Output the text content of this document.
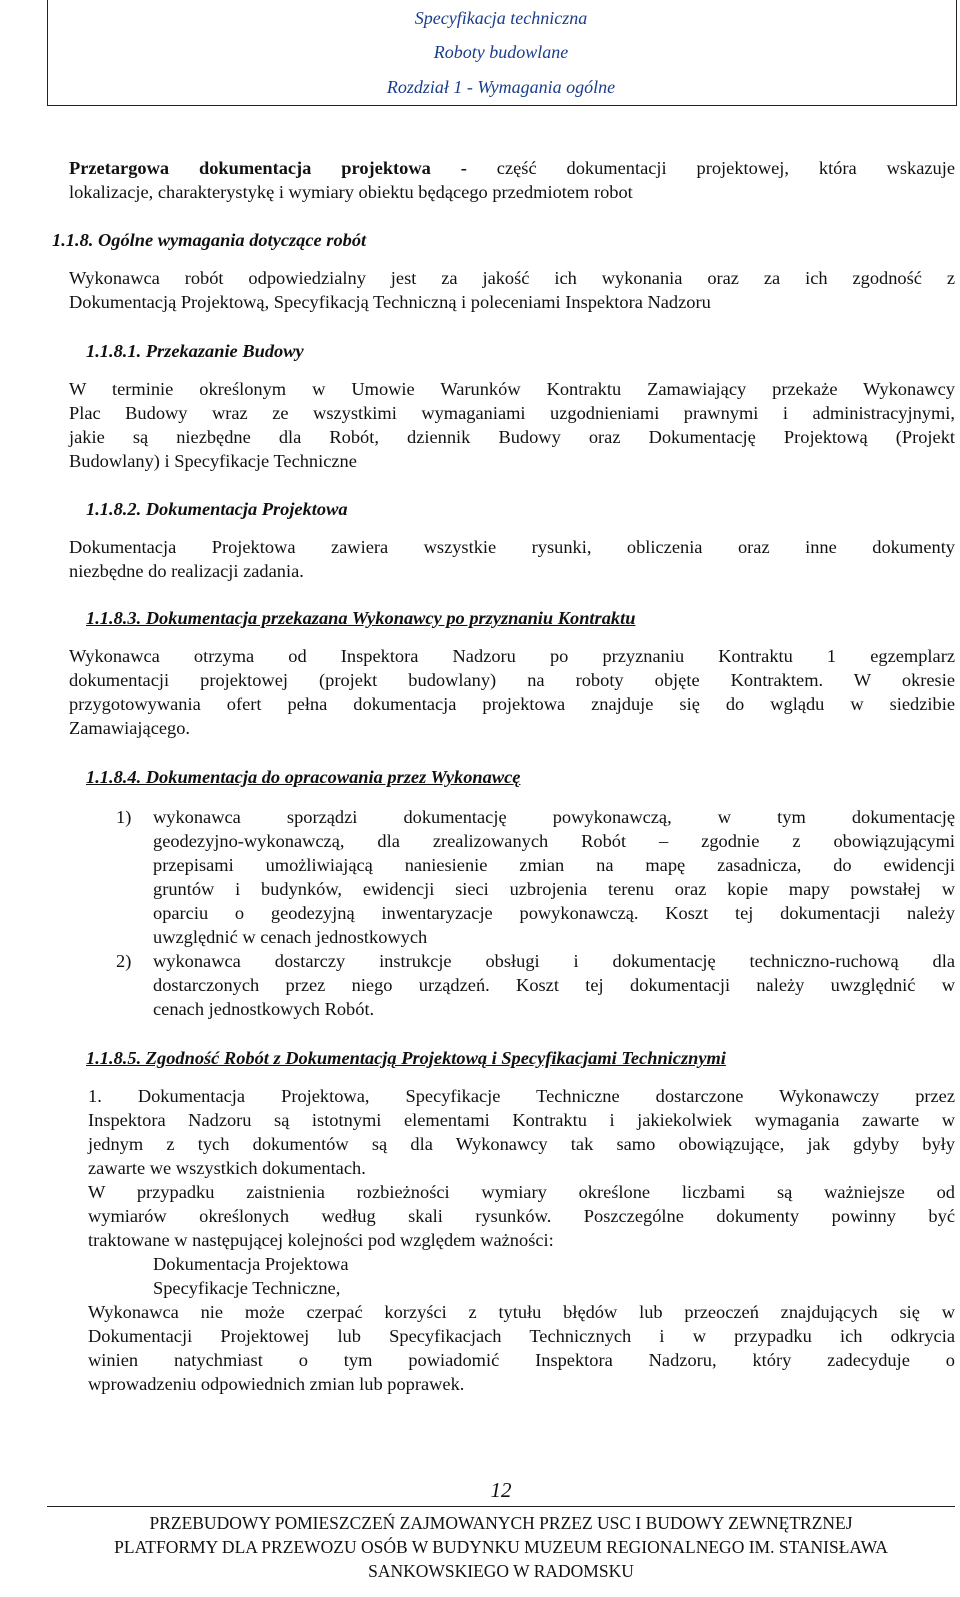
Specyfikacja techniczna
Roboty budowlane
Rozdział 1 - Wymagania ogólne
Przetargowa dokumentacja projektowa - część dokumentacji projektowej, która wskazuje
lokalizacje, charakterystykę i wymiary obiektu będącego przedmiotem robot
1.1.8. Ogólne wymagania dotyczące robót
Wykonawca robót odpowiedzialny jest za jakość ich wykonania oraz za ich zgodność z
Dokumentacją Projektową, Specyfikacją Techniczną i poleceniami Inspektora Nadzoru
1.1.8.1. Przekazanie Budowy
W terminie określonym w Umowie Warunków Kontraktu Zamawiający przekaże Wykonawcy
Plac Budowy wraz ze wszystkimi wymaganiami uzgodnieniami prawnymi i administracyjnymi,
jakie są niezbędne dla Robót, dziennik Budowy oraz Dokumentację Projektową (Projekt
Budowlany) i Specyfikacje Techniczne
1.1.8.2. Dokumentacja Projektowa
Dokumentacja Projektowa zawiera wszystkie rysunki, obliczenia oraz inne dokumenty
niezbędne do realizacji zadania.
1.1.8.3. Dokumentacja przekazana Wykonawcy po przyznaniu Kontraktu
Wykonawca otrzyma od Inspektora Nadzoru po przyznaniu Kontraktu 1 egzemplarz
dokumentacji projektowej (projekt budowlany) na roboty objęte Kontraktem. W okresie
przygotowywania ofert pełna dokumentacja projektowa znajduje się do wglądu w siedzibie
Zamawiającego.
1.1.8.4. Dokumentacja do opracowania przez Wykonawcę
1) wykonawca sporządzi dokumentację powykonawczą, w tym dokumentację
geodezyjno-wykonawczą, dla zrealizowanych Robót – zgodnie z obowiązującymi
przepisami umożliwiającą naniesienie zmian na mapę zasadnicza, do ewidencji
gruntów i budynków, ewidencji sieci uzbrojenia terenu oraz kopie mapy powstałej w
oparciu o geodezyjną inwentaryzacje powykonawczą. Koszt tej dokumentacji należy
uwzględnić w cenach jednostkowych
2) wykonawca dostarczy instrukcje obsługi i dokumentację techniczno-ruchową dla
dostarczonych przez niego urządzeń. Koszt tej dokumentacji należy uwzględnić w
cenach jednostkowych Robót.
1.1.8.5. Zgodność Robót z Dokumentacją Projektową i Specyfikacjami Technicznymi
1. Dokumentacja Projektowa, Specyfikacje Techniczne dostarczone Wykonawczy przez
Inspektora Nadzoru są istotnymi elementami Kontraktu i jakiekolwiek wymagania zawarte w
jednym z tych dokumentów są dla Wykonawcy tak samo obowiązujące, jak gdyby były
zawarte we wszystkich dokumentach.
W przypadku zaistnienia rozbieżności wymiary określone liczbami są ważniejsze od
wymiarów określonych według skali rysunków. Poszczególne dokumenty powinny być
traktowane w następującej kolejności pod względem ważności:
Dokumentacja Projektowa
Specyfikacje Techniczne,
Wykonawca nie może czerpać korzyści z tytułu błędów lub przeoczeń znajdujących się w
Dokumentacji Projektowej lub Specyfikacjach Technicznych i w przypadku ich odkrycia
winien natychmiast o tym powiadomić Inspektora Nadzoru, który zadecyduje o
wprowadzeniu odpowiednich zmian lub poprawek.
12
PRZEBUDOWY POMIESZCZEŃ ZAJMOWANYCH PRZEZ USC I BUDOWY ZEWNĘTRZNEJ
PLATFORMY DLA PRZEWOZU OSÓB W BUDYNKU MUZEUM REGIONALNEGO IM. STANISŁAWA
SANKOWSKIEGO W RADOMSKU
